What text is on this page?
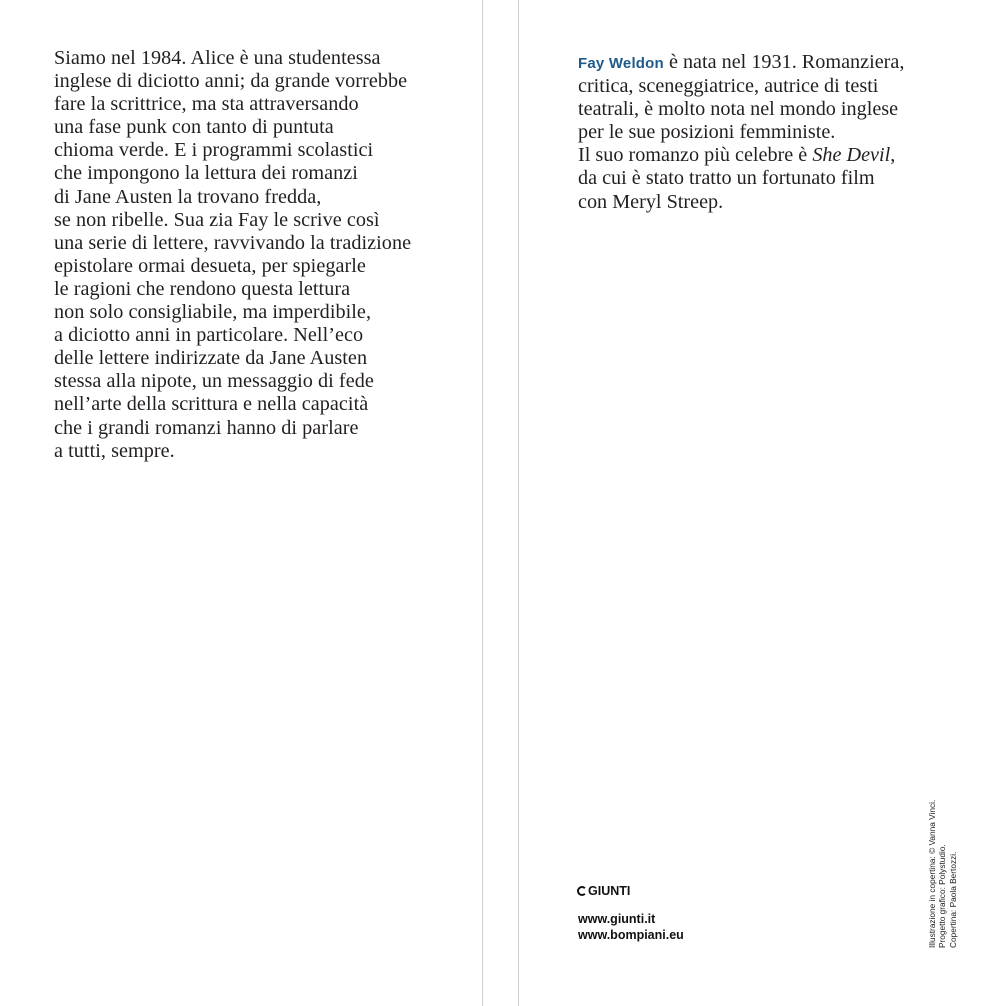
Siamo nel 1984. Alice è una studentessa
inglese di diciotto anni; da grande vorrebbe
fare la scrittrice, ma sta attraversando
una fase punk con tanto di puntuta
chioma verde. E i programmi scolastici
che impongono la lettura dei romanzi
di Jane Austen la trovano fredda,
se non ribelle. Sua zia Fay le scrive così
una serie di lettere, ravvivando la tradizione
epistolare ormai desueta, per spiegarle
le ragioni che rendono questa lettura
non solo consigliabile, ma imperdibile,
a diciotto anni in particolare. Nell’eco
delle lettere indirizzate da Jane Austen
stessa alla nipote, un messaggio di fede
nell’arte della scrittura e nella capacità
che i grandi romanzi hanno di parlare
a tutti, sempre.

Fay Weldon è nata nel 1931. Romanziera,
critica, sceneggiatrice, autrice di testi
teatrali, è molto nota nel mondo inglese
per le sue posizioni femministe.
Il suo romanzo più celebre è She Devil,
da cui è stato tratto un fortunato film
con Meryl Streep.

GIUNTI
www.giunti.it
www.bompiani.eu	Illustrazione in copertina: © Vanna Vinci. Progetto grafico: Polystudio. Copertina: Paola Bertozzi.
